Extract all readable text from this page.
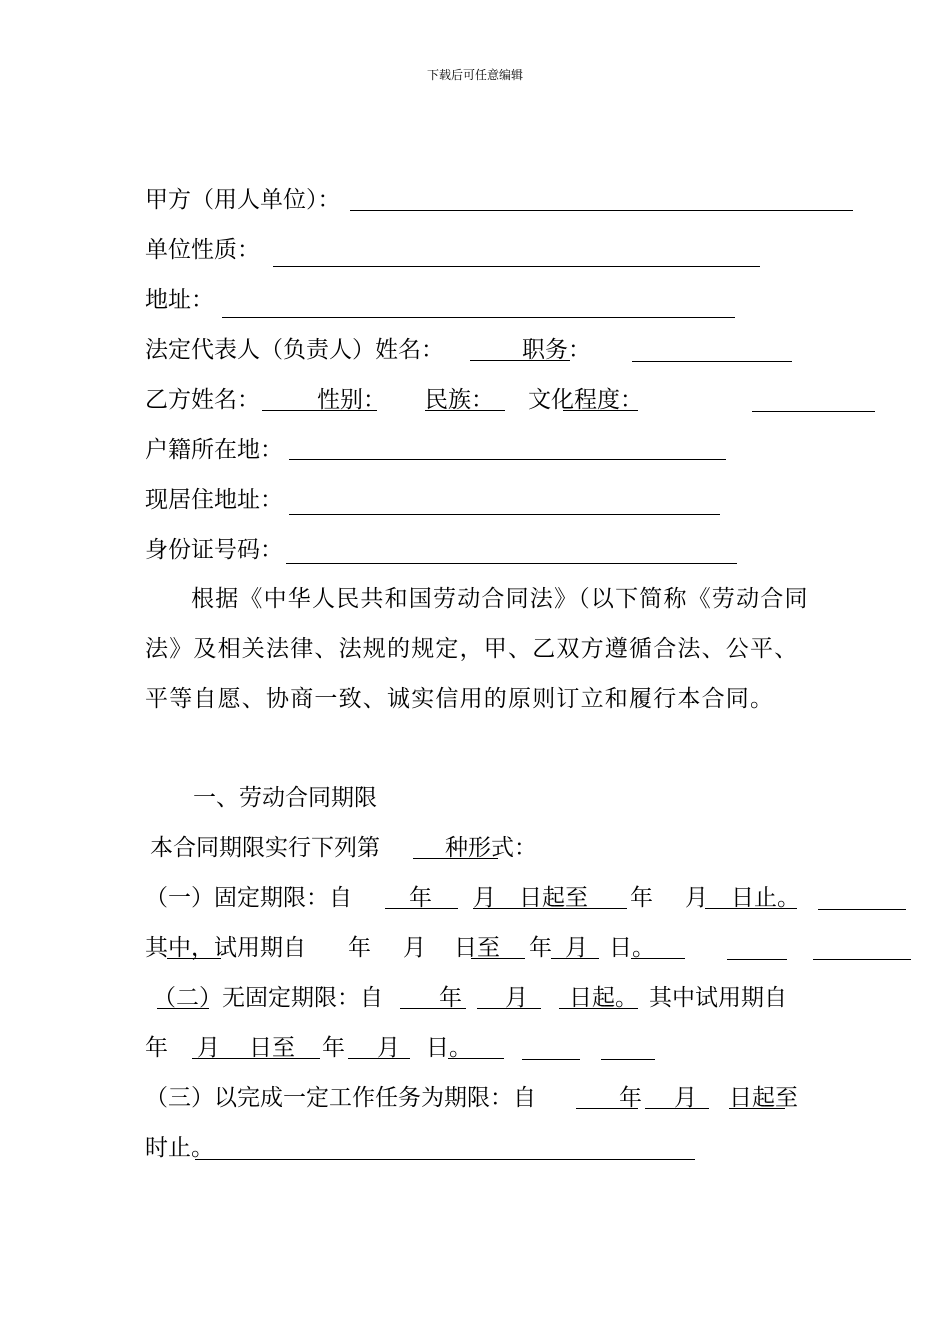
下载后可任意编辑
甲方（用人单位）：
单位性质：
地址：
法定代表人（负责人）姓名：	职务：
乙方姓名： 性别： 民族： 文化程度：
户籍所在地：
现居住地址：
身份证号码：
根据《中华人民共和国劳动合同法》（以下简称《劳动合同法》及相关法律、法规的规定，甲、乙双方遵循合法、公平、平等自愿、协商一致、诚实信用的原则订立和履行本合同。
一、劳动合同期限
本合同期限实行下列第	种形式：
（一）固定期限：自 年 月 日起至 年 月 日止。
其中，试用期自 年 月 日至 年 月 日。
（二）无固定期限：自 年 月 日起。 其中试用期自
年 月 日至 年 月 日。
（三）以完成一定工作任务为期限：自	年 月 日起至
时止。
